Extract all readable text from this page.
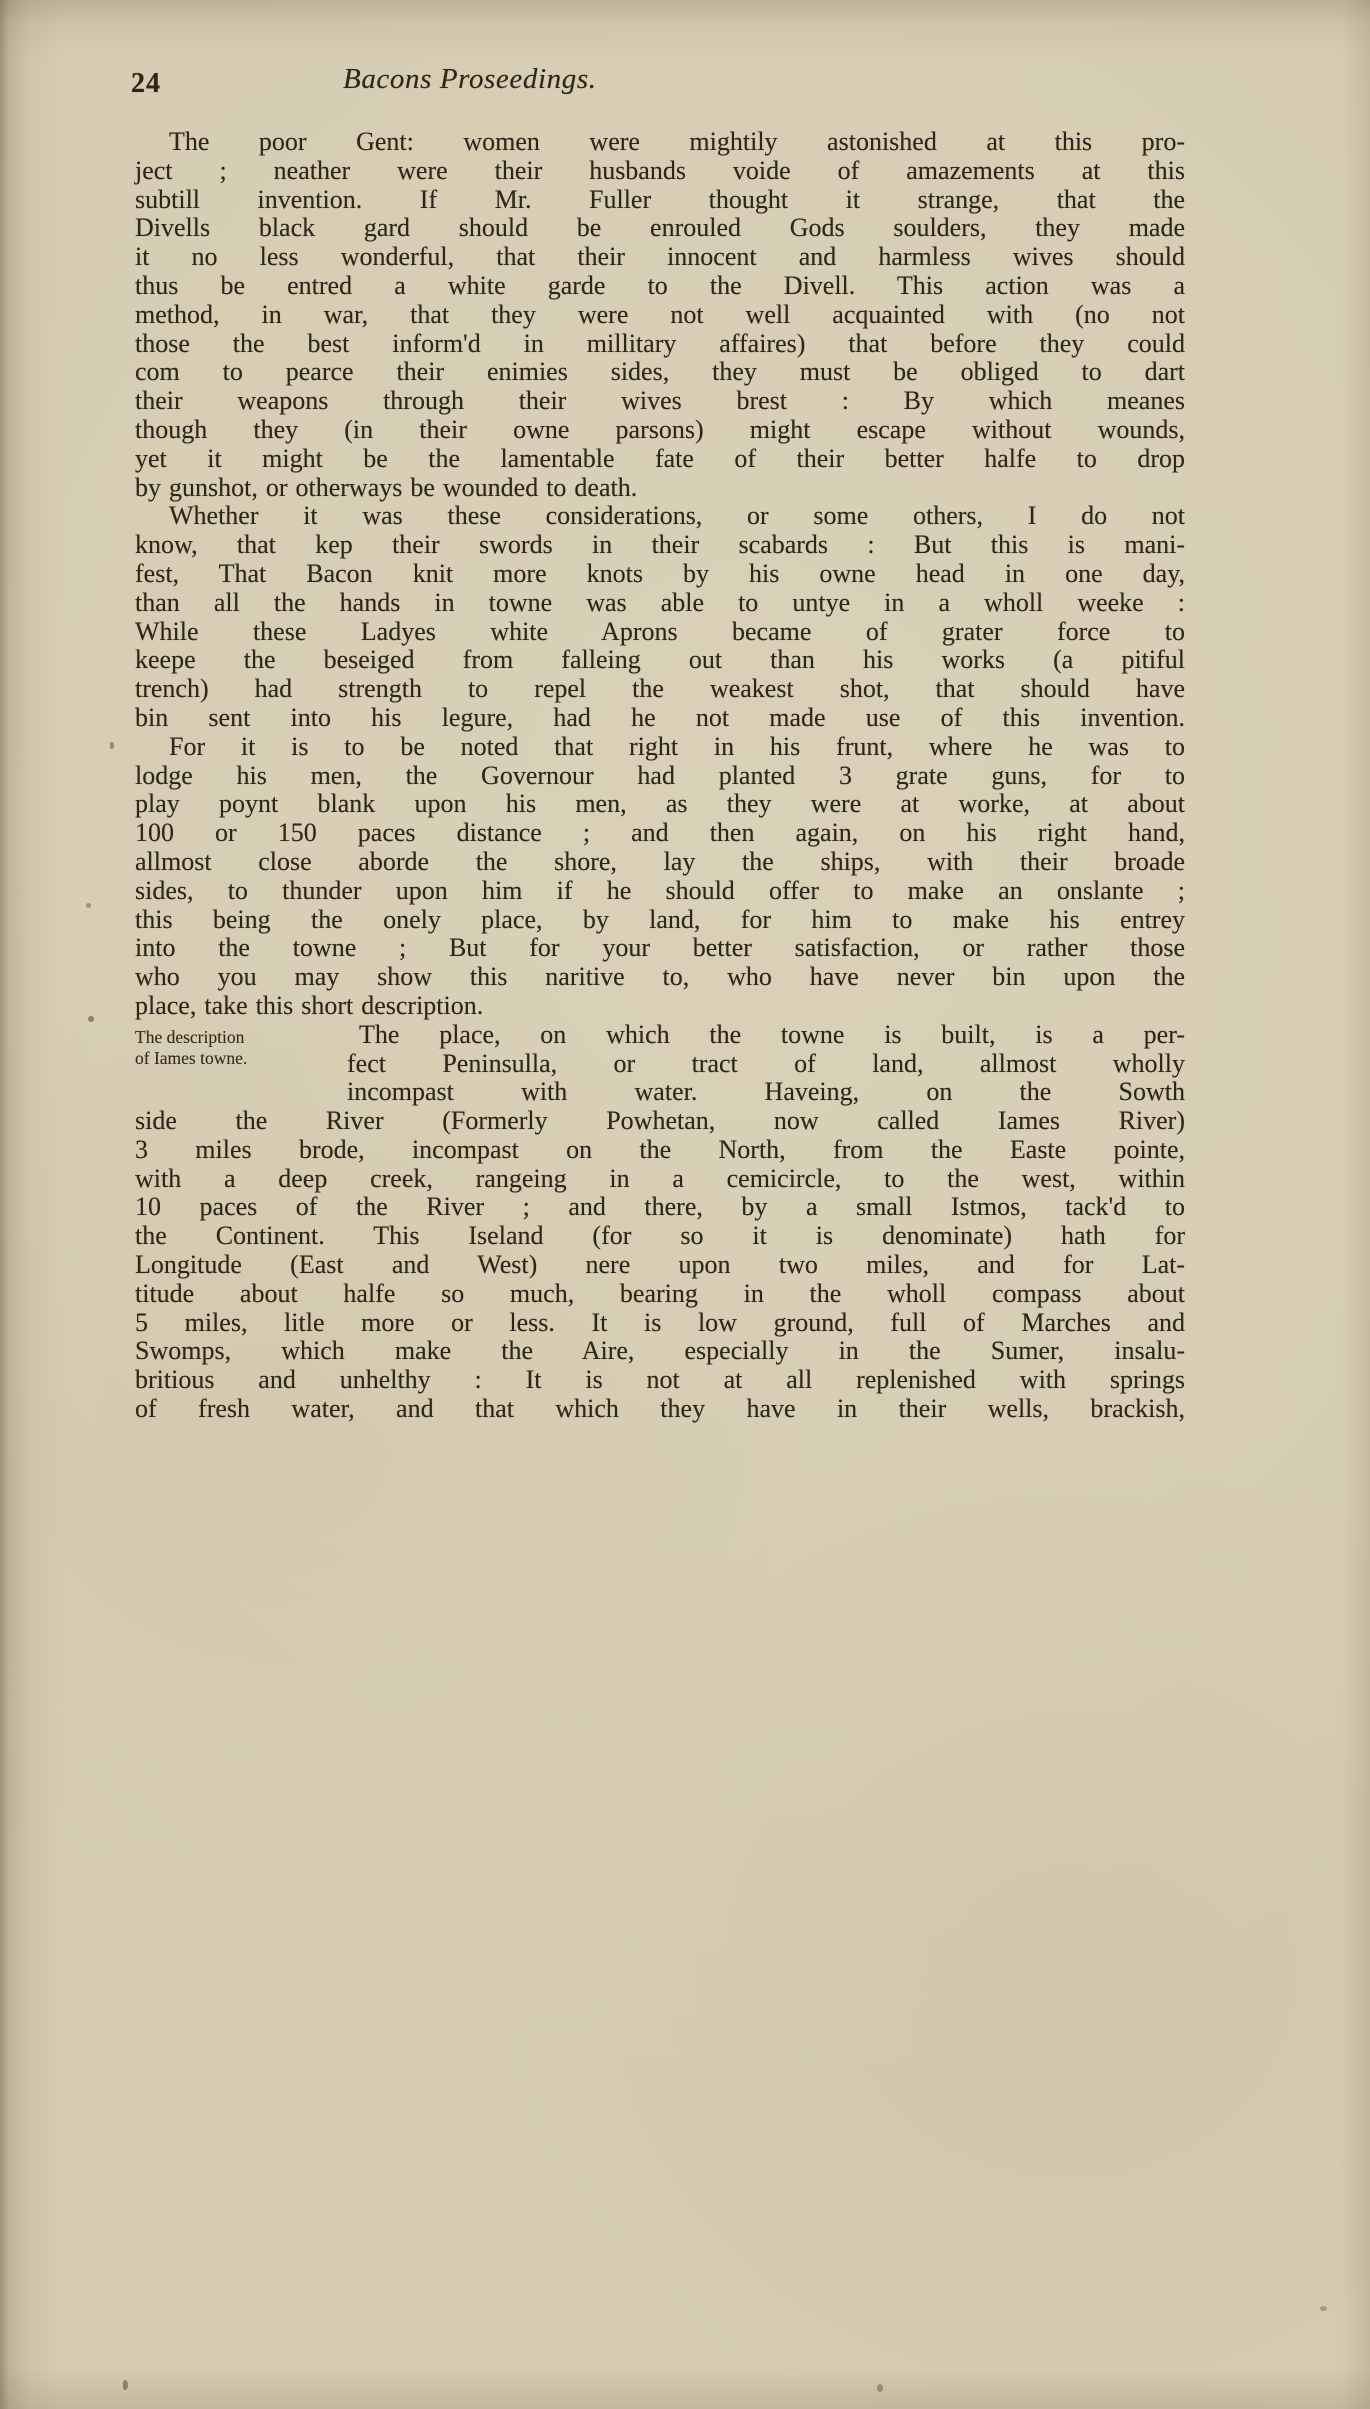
24	Bacons Proseedings.
The poor Gent: women were mightily astonished at this pro-
ject ; neather were their husbands voide of amazements at this
subtill invention. If Mr. Fuller thought it strange, that the
Divells black gard should be enrouled Gods soulders, they made
it no less wonderful, that their innocent and harmless wives should
thus be entred a white garde to the Divell. This action was a
method, in war, that they were not well acquainted with (no not
those the best inform'd in millitary affaires) that before they could
com to pearce their enimies sides, they must be obliged to dart
their weapons through their wives brest : By which meanes
though they (in their owne parsons) might escape without wounds,
yet it might be the lamentable fate of their better halfe to drop
by gunshot, or otherways be wounded to death.
Whether it was these considerations, or some others, I do not
know, that kep their swords in their scabards : But this is mani-
fest, That Bacon knit more knots by his owne head in one day,
than all the hands in towne was able to untye in a wholl weeke :
While these Ladyes white Aprons became of grater force to
keepe the beseiged from falleing out than his works (a pitiful
trench) had strength to repel the weakest shot, that should have
bin sent into his legure, had he not made use of this invention.
For it is to be noted that right in his frunt, where he was to
lodge his men, the Governour had planted 3 grate guns, for to
play poynt blank upon his men, as they were at worke, at about
100 or 150 paces distance ; and then again, on his right hand,
allmost close aborde the shore, lay the ships, with their broade
sides, to thunder upon him if he should offer to make an onslante ;
this being the onely place, by land, for him to make his entrey
into the towne ; But for your better satisfaction, or rather those
who you may show this naritive to, who have never bin upon the
place, take this short description.
The description
of Iames towne.
The place, on which the towne is built, is a per-
fect Peninsulla, or tract of land, allmost wholly
incompast with water. Haveing, on the Sowth
side the River (Formerly Powhetan, now called Iames River)
3 miles brode, incompast on the North, from the Easte pointe,
with a deep creek, rangeing in a cemicircle, to the west, within
10 paces of the River ; and there, by a small Istmos, tack'd to
the Continent. This Iseland (for so it is denominate) hath for
Longitude (East and West) nere upon two miles, and for Lat-
titude about halfe so much, bearing in the wholl compass about
5 miles, litle more or less. It is low ground, full of Marches and
Swomps, which make the Aire, especially in the Sumer, insalu-
britious and unhelthy : It is not at all replenished with springs
of fresh water, and that which they have in their wells, brackish,
